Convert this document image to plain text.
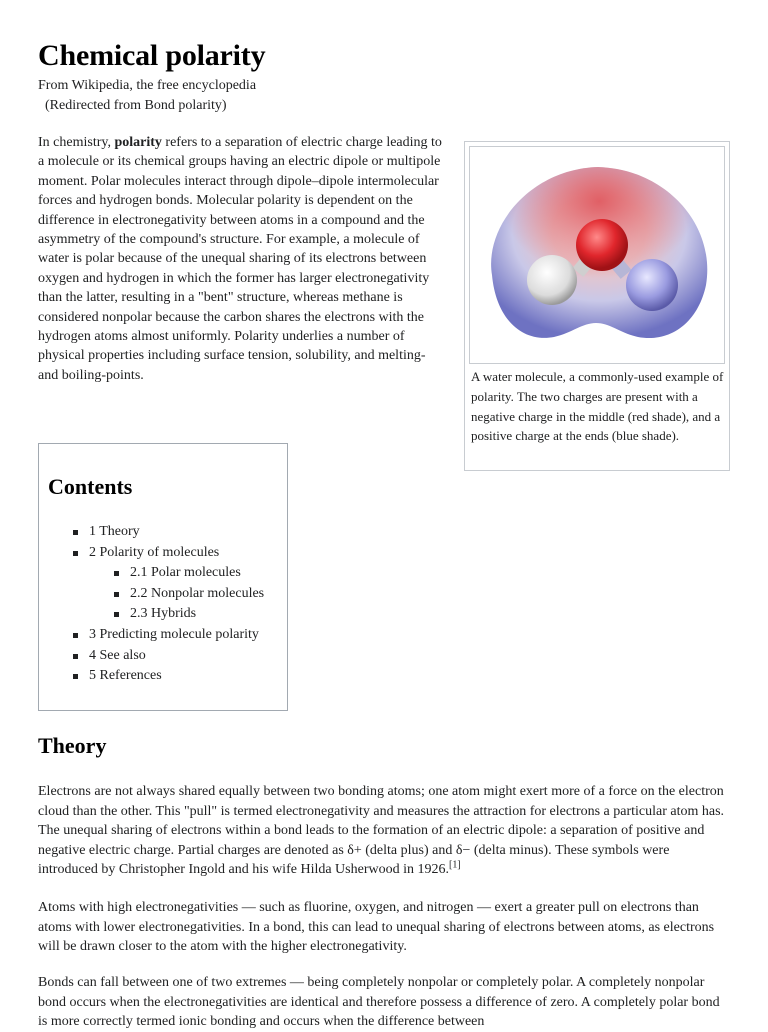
Chemical polarity
From Wikipedia, the free encyclopedia
(Redirected from Bond polarity)

In chemistry, polarity refers to a separation of electric charge leading to a molecule or its chemical groups having an electric dipole or multipole moment. Polar molecules interact through dipole–dipole intermolecular forces and hydrogen bonds. Molecular polarity is dependent on the difference in electronegativity between atoms in a compound and the asymmetry of the compound's structure. For example, a molecule of water is polar because of the unequal sharing of its electrons between oxygen and hydrogen in which the former has larger electronegativity than the latter, resulting in a "bent" structure, whereas methane is considered nonpolar because the carbon shares the electrons with the hydrogen atoms almost uniformly. Polarity underlies a number of physical properties including surface tension, solubility, and melting- and boiling-points.	A water molecule, a commonly-used example of polarity. The two charges are present with a negative charge in the middle (red shade), and a positive charge at the ends (blue shade).
Contents
1 Theory
2 Polarity of molecules
2.1 Polar molecules
2.2 Nonpolar molecules
2.3 Hybrids
3 Predicting molecule polarity
4 See also
5 References
Theory

Electrons are not always shared equally between two bonding atoms; one atom might exert more of a force on the electron cloud than the other. This "pull" is termed electronegativity and measures the attraction for electrons a particular atom has. The unequal sharing of electrons within a bond leads to the formation of an electric dipole: a separation of positive and negative electric charge. Partial charges are denoted as δ+ (delta plus) and δ− (delta minus). These symbols were introduced by Christopher Ingold and his wife Hilda Usherwood in 1926.[1]

Atoms with high electronegativities — such as fluorine, oxygen, and nitrogen — exert a greater pull on electrons than atoms with lower electronegativities. In a bond, this can lead to unequal sharing of electrons between atoms, as electrons will be drawn closer to the atom with the higher electronegativity.

Bonds can fall between one of two extremes — being completely nonpolar or completely polar. A completely nonpolar bond occurs when the electronegativities are identical and therefore possess a difference of zero. A completely polar bond is more correctly termed ionic bonding and occurs when the difference between
